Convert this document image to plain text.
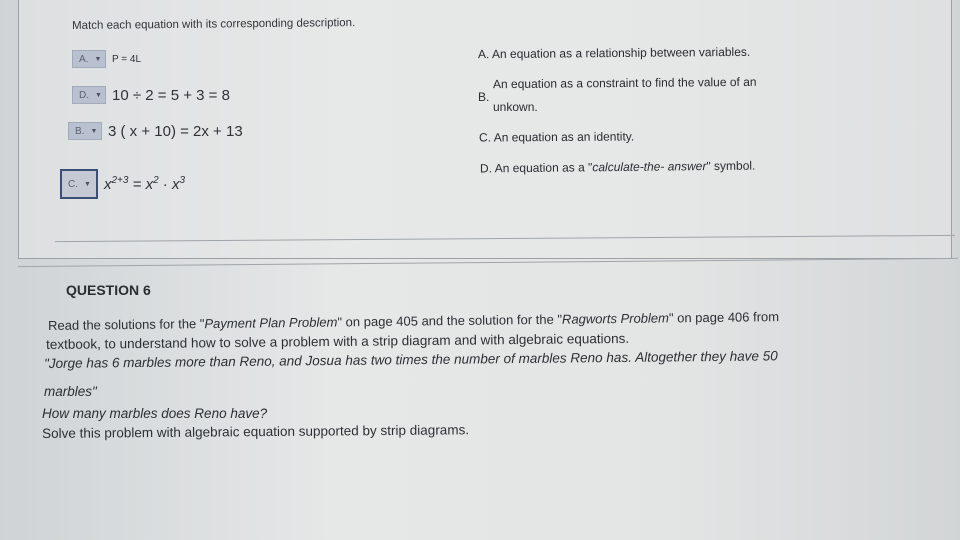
Match each equation with its corresponding description.
A. ▼ P = 4L
D. ▼ 10 ÷ 2 = 5 + 3 = 8
B. ▼ 3 ( x + 10) = 2x + 13
C. ▼ $x^{2+3} = x^2 \cdot x^3$
A. An equation as a relationship between variables.
B.
An equation as a constraint to find the value of an
unkown.
C. An equation as an identity.
D. An equation as a "calculate-the- answer" symbol.
QUESTION 6
Read the solutions for the "Payment Plan Problem" on page 405 and the solution for the "Ragworts Problem" on page 406 from
textbook, to understand how to solve a problem with a strip diagram and with algebraic equations.
"Jorge has 6 marbles more than Reno, and Josua has two times the number of marbles Reno has. Altogether they have 50
marbles"
How many marbles does Reno have?
Solve this problem with algebraic equation supported by strip diagrams.
